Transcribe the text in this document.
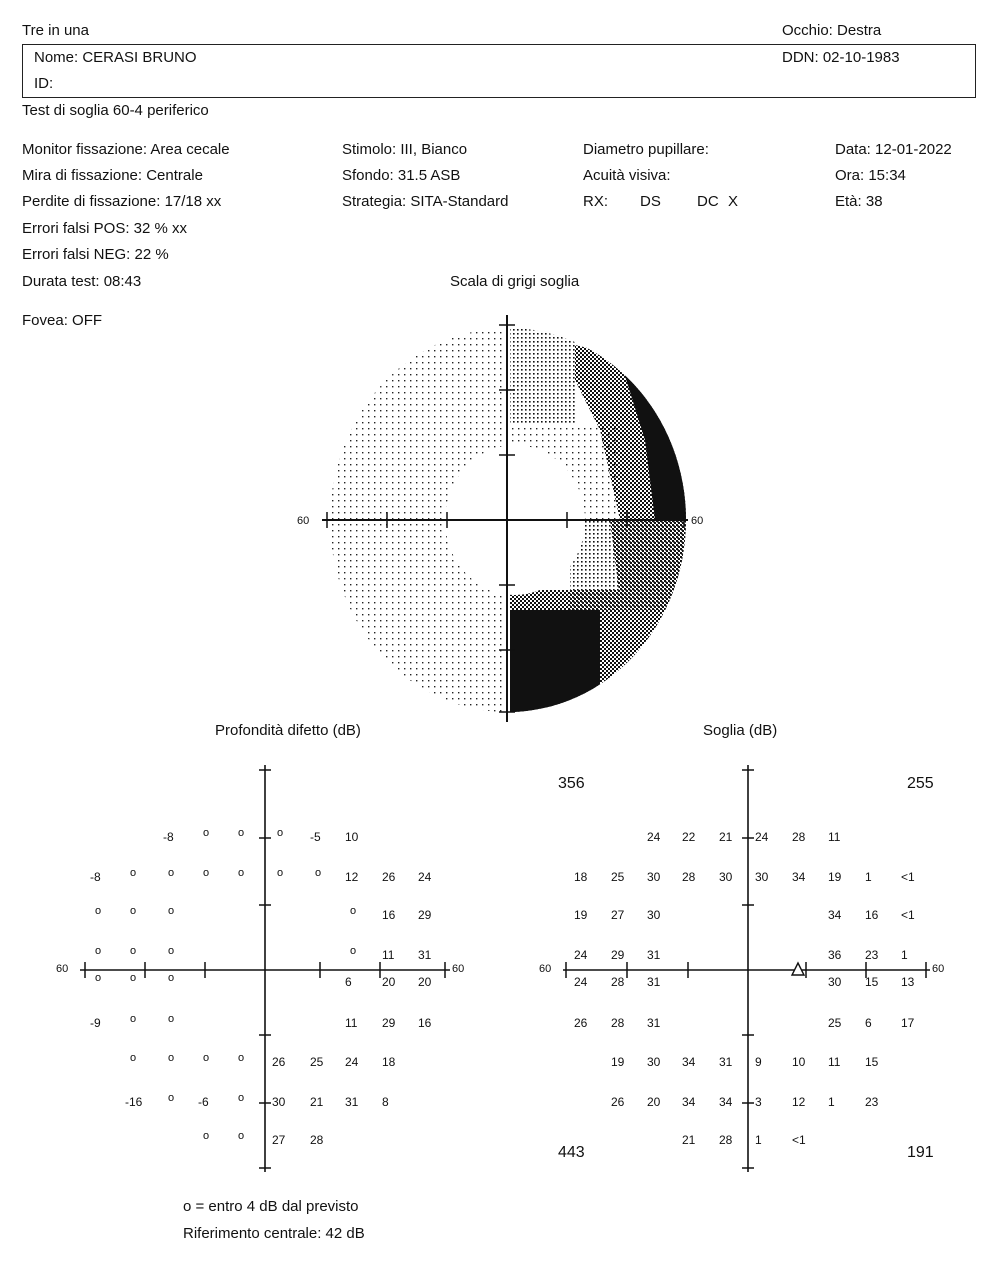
Tre in una	Occhio: Destra
Nome: CERASI BRUNO	DDN: 02-10-1983
ID:
Test di soglia 60-4 periferico
Monitor fissazione: Area cecale
Mira di fissazione: Centrale
Perdite di fissazione: 17/18 xx
Errori falsi POS: 32 % xx
Errori falsi NEG: 22 %
Durata test: 08:43
Fovea: OFF
Stimolo: III, Bianco
Sfondo: 31.5 ASB
Strategia: SITA-Standard
Diametro pupillare:
Acuità visiva:
RX: DS DC X
Data: 12-01-2022
Ora: 15:34
Età: 38
Scala di grigi soglia
60	60
Profondità difetto (dB)
60	60
-8	o	o	o -5 10
-8	o	o	o	o	o	o 12 26 24
o	o	o	o 16 29
o	o	o	o 11 31
o	o	o	6	20 20
-9	o	o	11 29 16
o	o	o	o 26 25 24 18
-16 o -6	o 30 21 31 8
o	o 27 28
o = entro 4 dB dal previsto
Riferimento centrale: 42 dB
Soglia (dB)
60	60
356	255
443	191
24 22 21 24 28 11
18 25 30 28 30 30 34 19 1 <1
19 27 30	34 16 <1
24 29 31	36 23 1
24 28 31	30 15 13
26 28 31	25 6 17
19 30 34 31 9	10 11 15
26 20 34 34 3	12 1	23
21 28 1	<1
